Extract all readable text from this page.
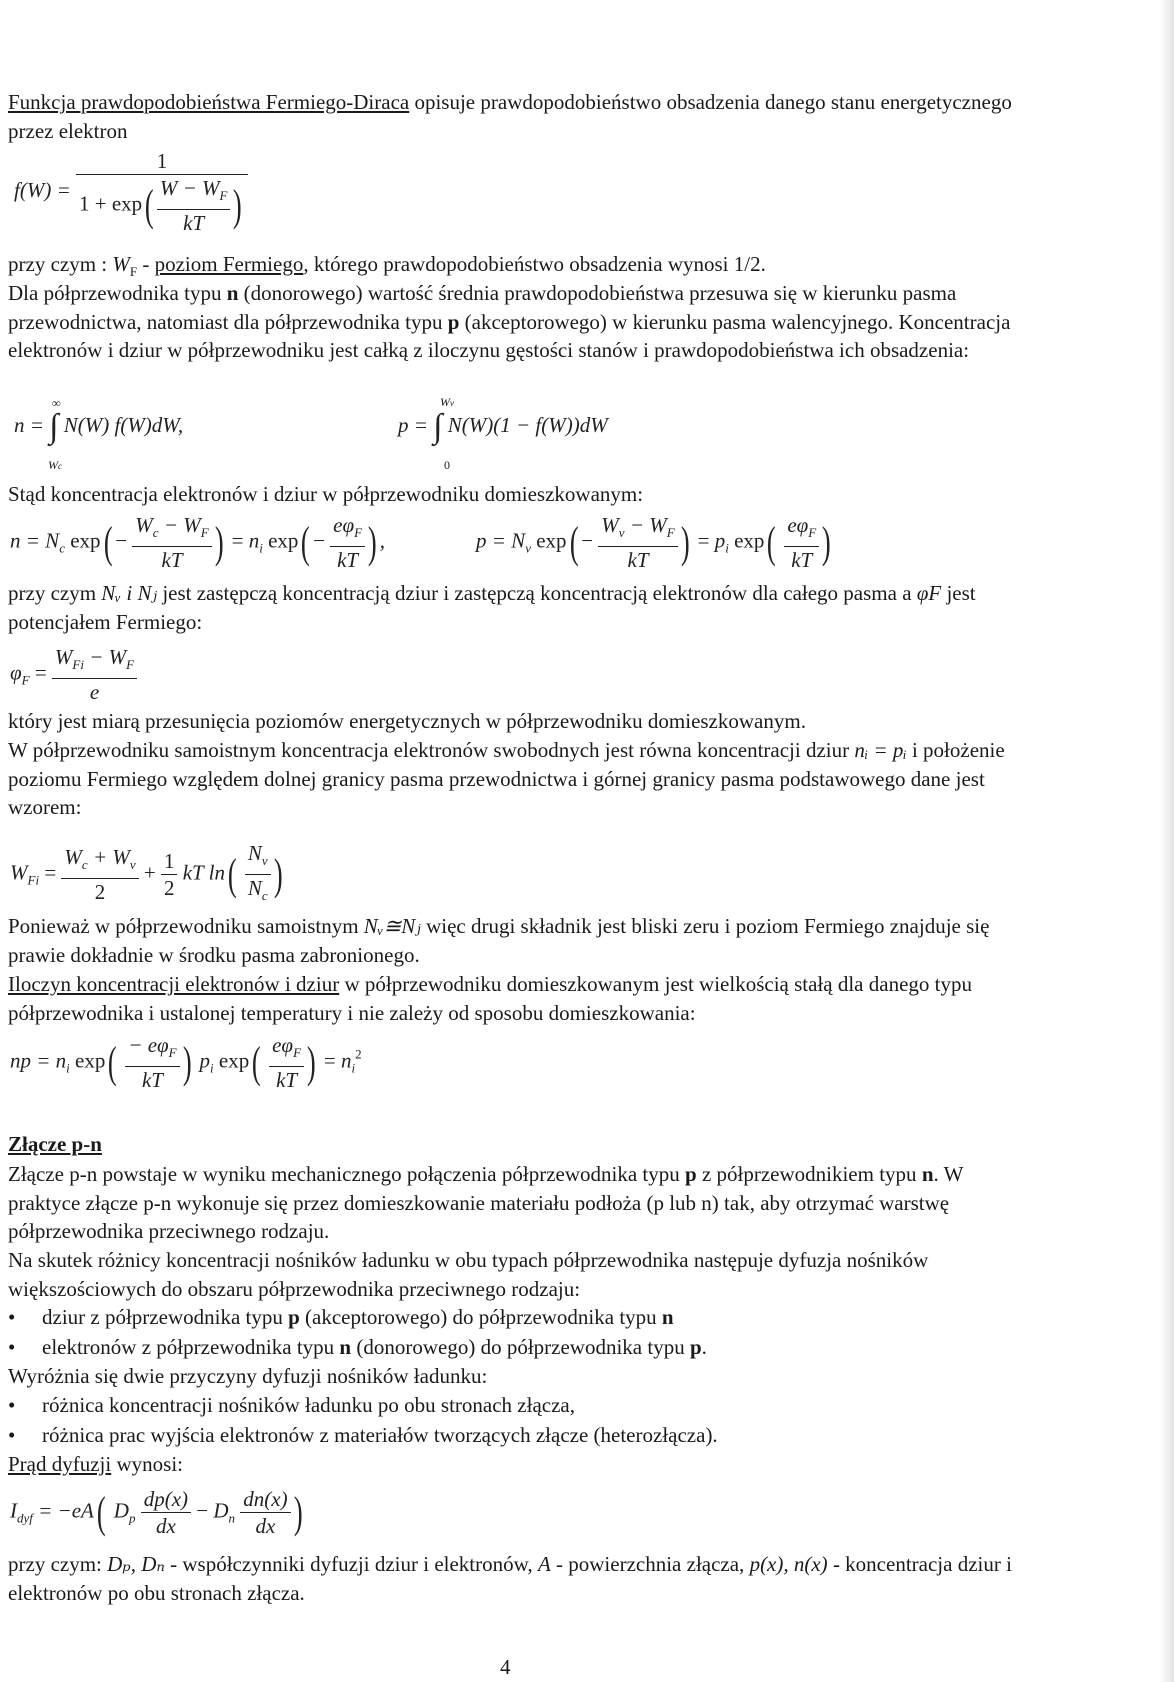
Funkcja prawdopodobieństwa Fermiego-Diraca opisuje prawdopodobieństwo obsadzenia danego stanu energetycznego przez elektron

$f(W) = \frac{1}{1 + \exp( \frac{W - W_F}{kT} )}$

przy czym : $W_F$ - poziom Fermiego, którego prawdopodobieństwo obsadzenia wynosi 1/2.

Dla półprzewodnika typu n (donorowego) wartość średnia prawdopodobieństwa przesuwa się w kierunku pasma przewodnictwa, natomiast dla półprzewodnika typu p (akceptorowego) w kierunku pasma walencyjnego. Koncentracja elektronów i dziur w półprzewodniku jest całką z iloczynu gęstości stanów i prawdopodobieństwa ich obsadzenia:

n = ∫ N(W) f(W)dW,
∞
Wc
p = ∫ N(W)(1 − f(W))dW
Wv
0

Stąd koncentracja elektronów i dziur w półprzewodniku domieszkowanym:

$n = N_c$ $\exp( - \frac{W_c - W_F}{kT}$ ) = $n_i$ $\exp( - \frac{e\varphi_F}{kT}$ ) ,	$p = N_v$ $\exp( - \frac{W_v - W_F}{kT}$ ) = $p_i$ $\exp( \frac{e\varphi_F}{kT}$ )

przy czym Nᵥ i Nⱼ jest zastępczą koncentracją dziur i zastępczą koncentracją elektronów dla całego pasma a φF jest potencjałem Fermiego:

$\varphi_F = \frac{W_{Fi} - W_F}{e}$

który jest miarą przesunięcia poziomów energetycznych w półprzewodniku domieszkowanym.

W półprzewodniku samoistnym koncentracja elektronów swobodnych jest równa koncentracji dziur nᵢ = pᵢ i położenie poziomu Fermiego względem dolnej granicy pasma przewodnictwa i górnej granicy pasma podstawowego dane jest wzorem:

$W_{Fi} = \frac{W_c + W_v}{2} + \frac{1}{2}$ kT $\ln( \frac{N_v}{N_c}$ )

Ponieważ w półprzewodniku samoistnym Nᵥ≅Nⱼ więc drugi składnik jest bliski zeru i poziom Fermiego znajduje się prawie dokładnie w środku pasma zabronionego.

Iloczyn koncentracji elektronów i dziur w półprzewodniku domieszkowanym jest wielkością stałą dla danego typu półprzewodnika i ustalonej temperatury i nie zależy od sposobu domieszkowania:

np = $n_i$ $\exp( \frac{- e\varphi_F}{kT}$ ) $p_i$ $\exp( \frac{e\varphi_F}{kT}$ ) = $n_i^2$
Złącze p-n

Złącze p-n powstaje w wyniku mechanicznego połączenia półprzewodnika typu p z półprzewodnikiem typu n. W praktyce złącze p-n wykonuje się przez domieszkowanie materiału podłoża (p lub n) tak, aby otrzymać warstwę półprzewodnika przeciwnego rodzaju.

Na skutek różnicy koncentracji nośników ładunku w obu typach półprzewodnika następuje dyfuzja nośników większościowych do obszaru półprzewodnika przeciwnego rodzaju:

• dziur z półprzewodnika typu p (akceptorowego) do półprzewodnika typu n
• elektronów z półprzewodnika typu n (donorowego) do półprzewodnika typu p.

Wyróżnia się dwie przyczyny dyfuzji nośników ładunku:

• różnica koncentracji nośników ładunku po obu stronach złącza,
• różnica prac wyjścia elektronów z materiałów tworzących złącze (heterozłącza).

Prąd dyfuzji wynosi:

$I_{dyf} = -eA$( $D_p \frac{dp(x)}{dx} - D_n \frac{dn(x)}{dx}$ )

przy czym: Dₚ, Dₙ - współczynniki dyfuzji dziur i elektronów, A - powierzchnia złącza, p(x), n(x) - koncentracja dziur i elektronów po obu stronach złącza.

4
